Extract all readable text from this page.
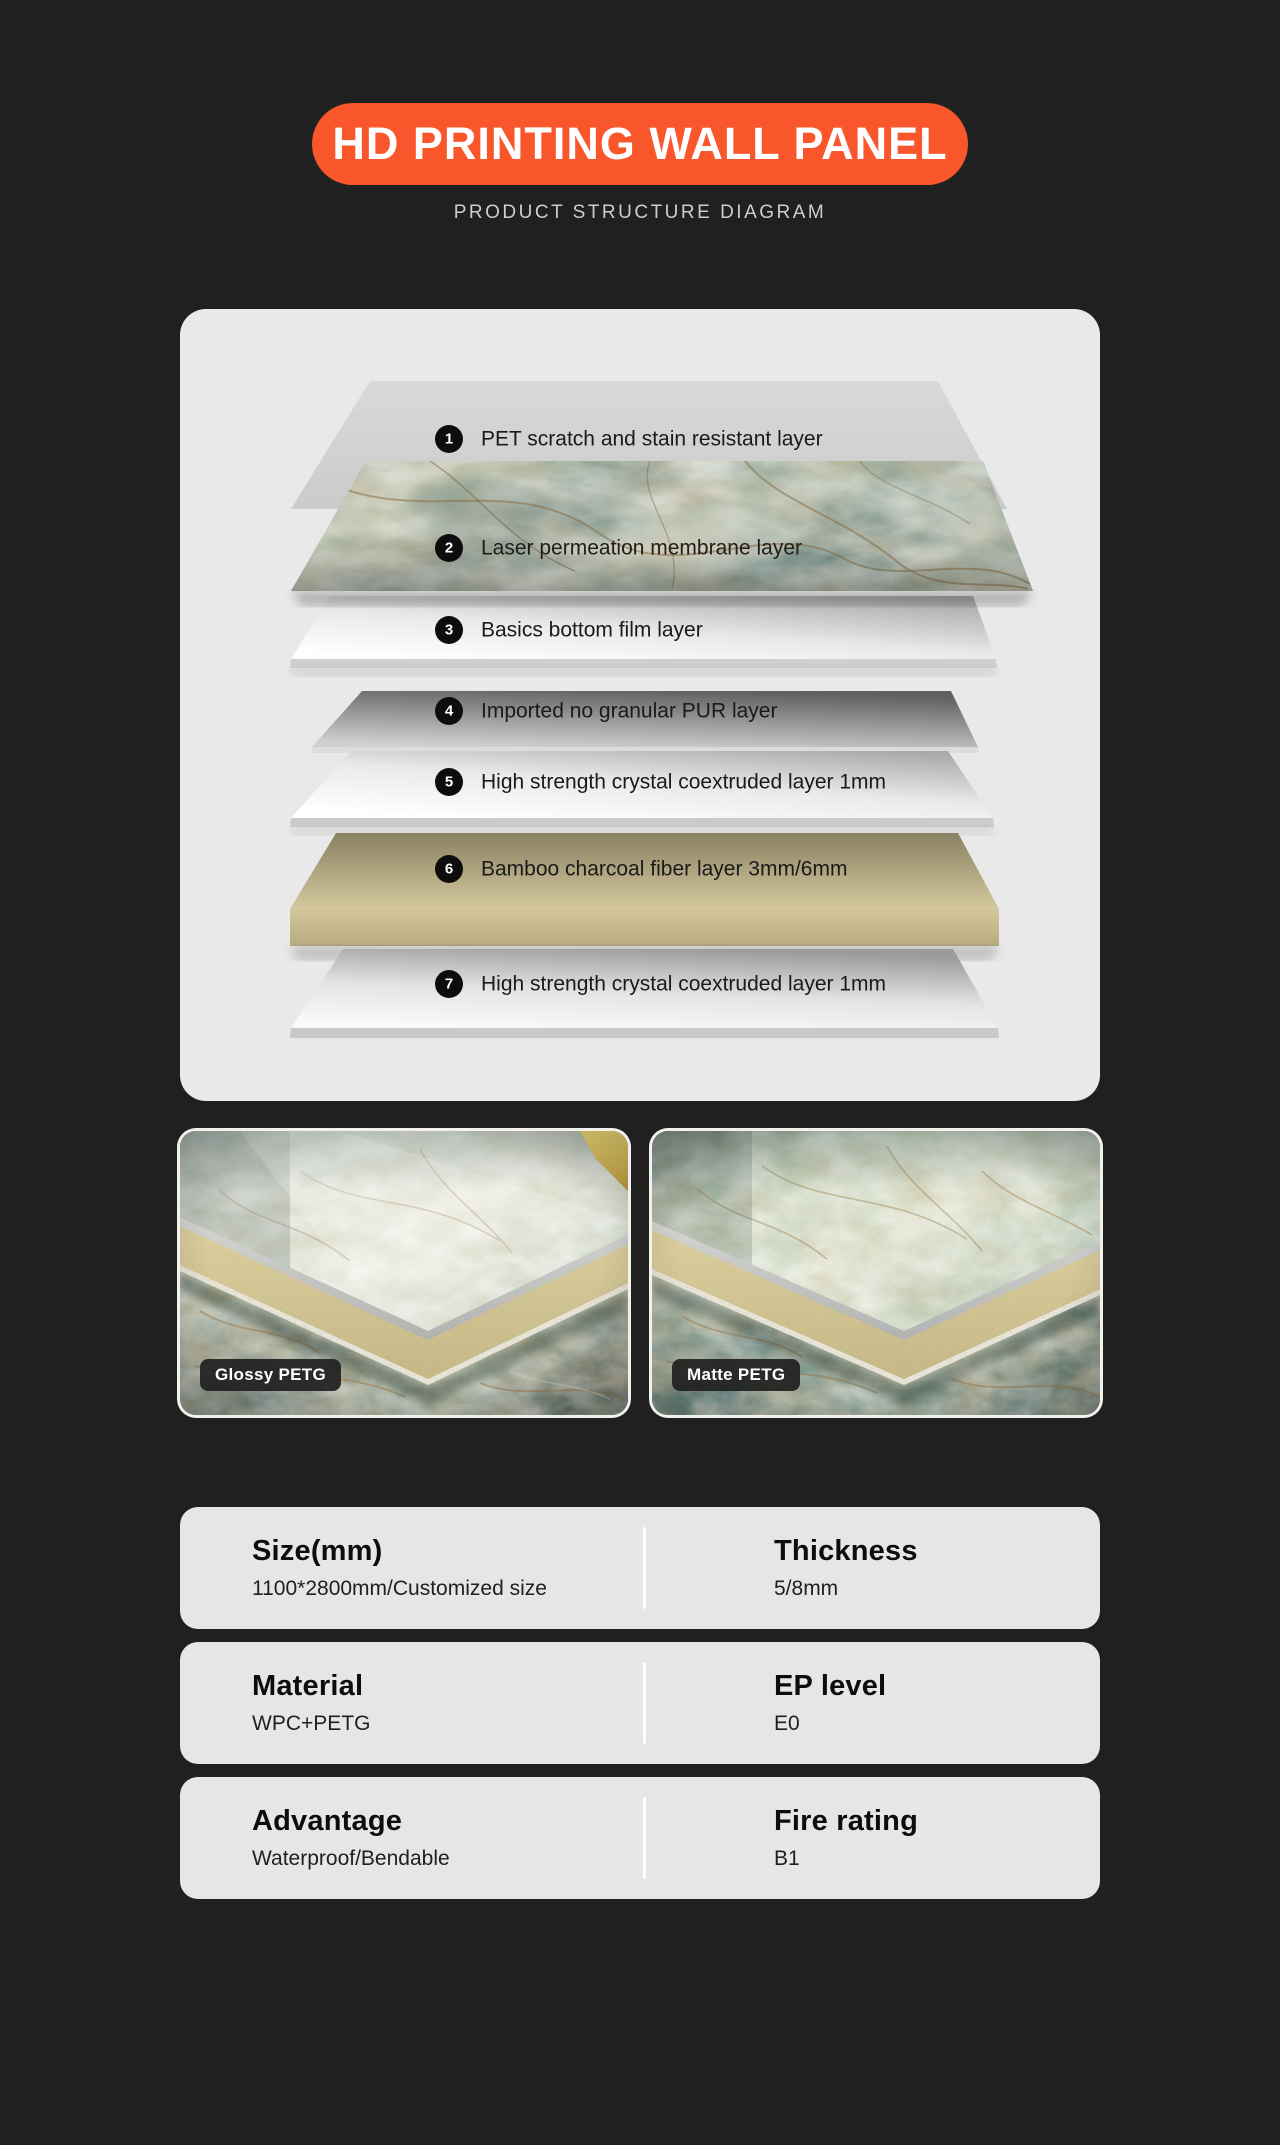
HD PRINTING WALL PANEL
PRODUCT STRUCTURE DIAGRAM
1 PET scratch and stain resistant layer
2 Laser permeation membrane layer
3 Basics bottom film layer
4 Imported no granular PUR layer
5 High strength crystal coextruded layer 1mm
6 Bamboo charcoal fiber layer 3mm/6mm
7 High strength crystal coextruded layer 1mm
Glossy PETG	Matte PETG
Size(mm)

1100*2800mm/Customized size

Thickness

5/8mm

Material

WPC+PETG

EP level

E0

Advantage

Waterproof/Bendable

Fire rating

B1
